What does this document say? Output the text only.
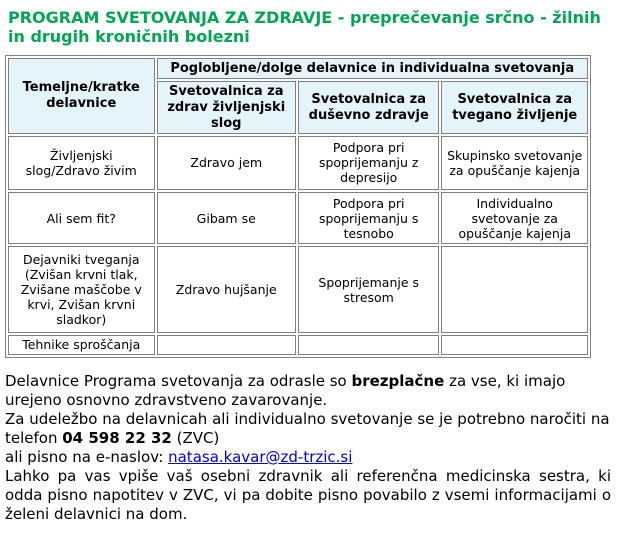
PROGRAM SVETOVANJA ZA ZDRAVJE - preprečevanje srčno - žilnih in drugih kroničnih bolezni
Temeljne/kratke delavnice	Poglobljene/dolge delavnice in individualna svetovanja		
	Svetovalnica za zdrav življenjski slog	Svetovalnica za duševno zdravje	Svetovalnica za tvegano življenje
Življenjski slog/Zdravo živim	Zdravo jem	Podpora pri spoprijemanju z depresijo	Skupinsko svetovanje za opuščanje kajenja
Ali sem fit?	Gibam se	Podpora pri spoprijemanju s tesnobo	Individualno svetovanje za opuščanje kajenja
Dejavniki tveganja (Zvišan krvni tlak, Zvišane maščobe v krvi, Zvišan krvni sladkor)	Zdravo hujšanje	Spoprijemanje s stresom	
Tehnike sproščanja			

Delavnice Programa svetovanja za odrasle so brezplačne za vse, ki imajo urejeno osnovno zdravstveno zavarovanje.

Za udeležbo na delavnicah ali individualno svetovanje se je potrebno naročiti na telefon 04 598 22 32 (ZVC)

ali pisno na e-naslov: natasa.kavar@zd-trzic.si

Lahko pa vas vpiše vaš osebni zdravnik ali referenčna medicinska sestra, ki odda pisno napotitev v ZVC, vi pa dobite pisno povabilo z vsemi informacijami o želeni delavnici na dom.
